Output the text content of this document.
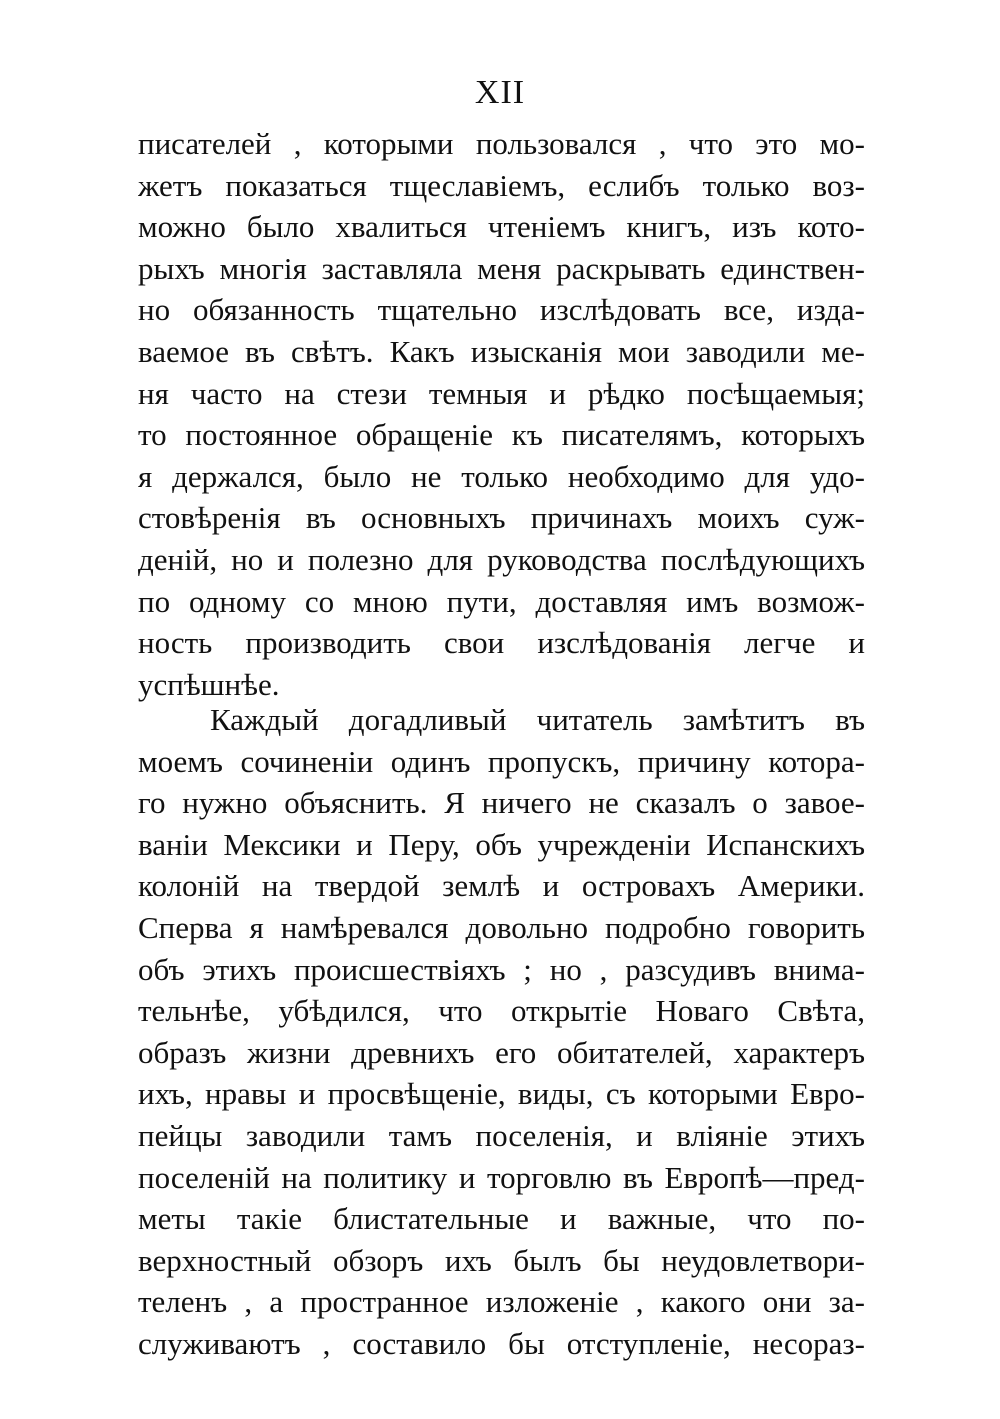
XII
писателей , которыми пользовался , что это мо-
жетъ показаться тщеславіемъ, еслибъ только воз-
можно было хвалиться чтеніемъ книгъ, изъ кото-
рыхъ многія заставляла меня раскрывать единствен-
но обязанность тщательно изслѣдовать все, изда-
ваемое въ свѣтъ. Какъ изысканія мои заводили ме-
ня часто на стези темныя и рѣдко посѣщаемыя;
то постоянное обращеніе къ писателямъ, которыхъ
я держался, было не только необходимо для удо-
стовѣренія въ основныхъ причинахъ моихъ суж-
деній, но и полезно для руководства послѣдующихъ
по одному со мною пути, доставляя имъ возмож-
ность производить свои изслѣдованія легче и
успѣшнѣе.
Каждый догадливый читатель замѣтитъ въ
моемъ сочиненіи одинъ пропускъ, причину котора-
го нужно объяснить. Я ничего не сказалъ о завое-
ваніи Мексики и Перу, объ учрежденіи Испанскихъ
колоній на твердой землѣ и островахъ Америки.
Сперва я намѣревался довольно подробно говорить
объ этихъ происшествіяхъ ; но , разсудивъ внима-
тельнѣе, убѣдился, что открытіе Новаго Свѣта,
образъ жизни древнихъ его обитателей, характеръ
ихъ, нравы и просвѣщеніе, виды, съ которыми Евро-
пейцы заводили тамъ поселенія, и вліяніе этихъ
поселеній на политику и торговлю въ Европѣ—пред-
меты такіе блистательные и важные, что по-
верхностный обзоръ ихъ былъ бы неудовлетвори-
теленъ , а пространное изложеніе , какого они за-
служиваютъ , составило бы отступленіе, несораз-
